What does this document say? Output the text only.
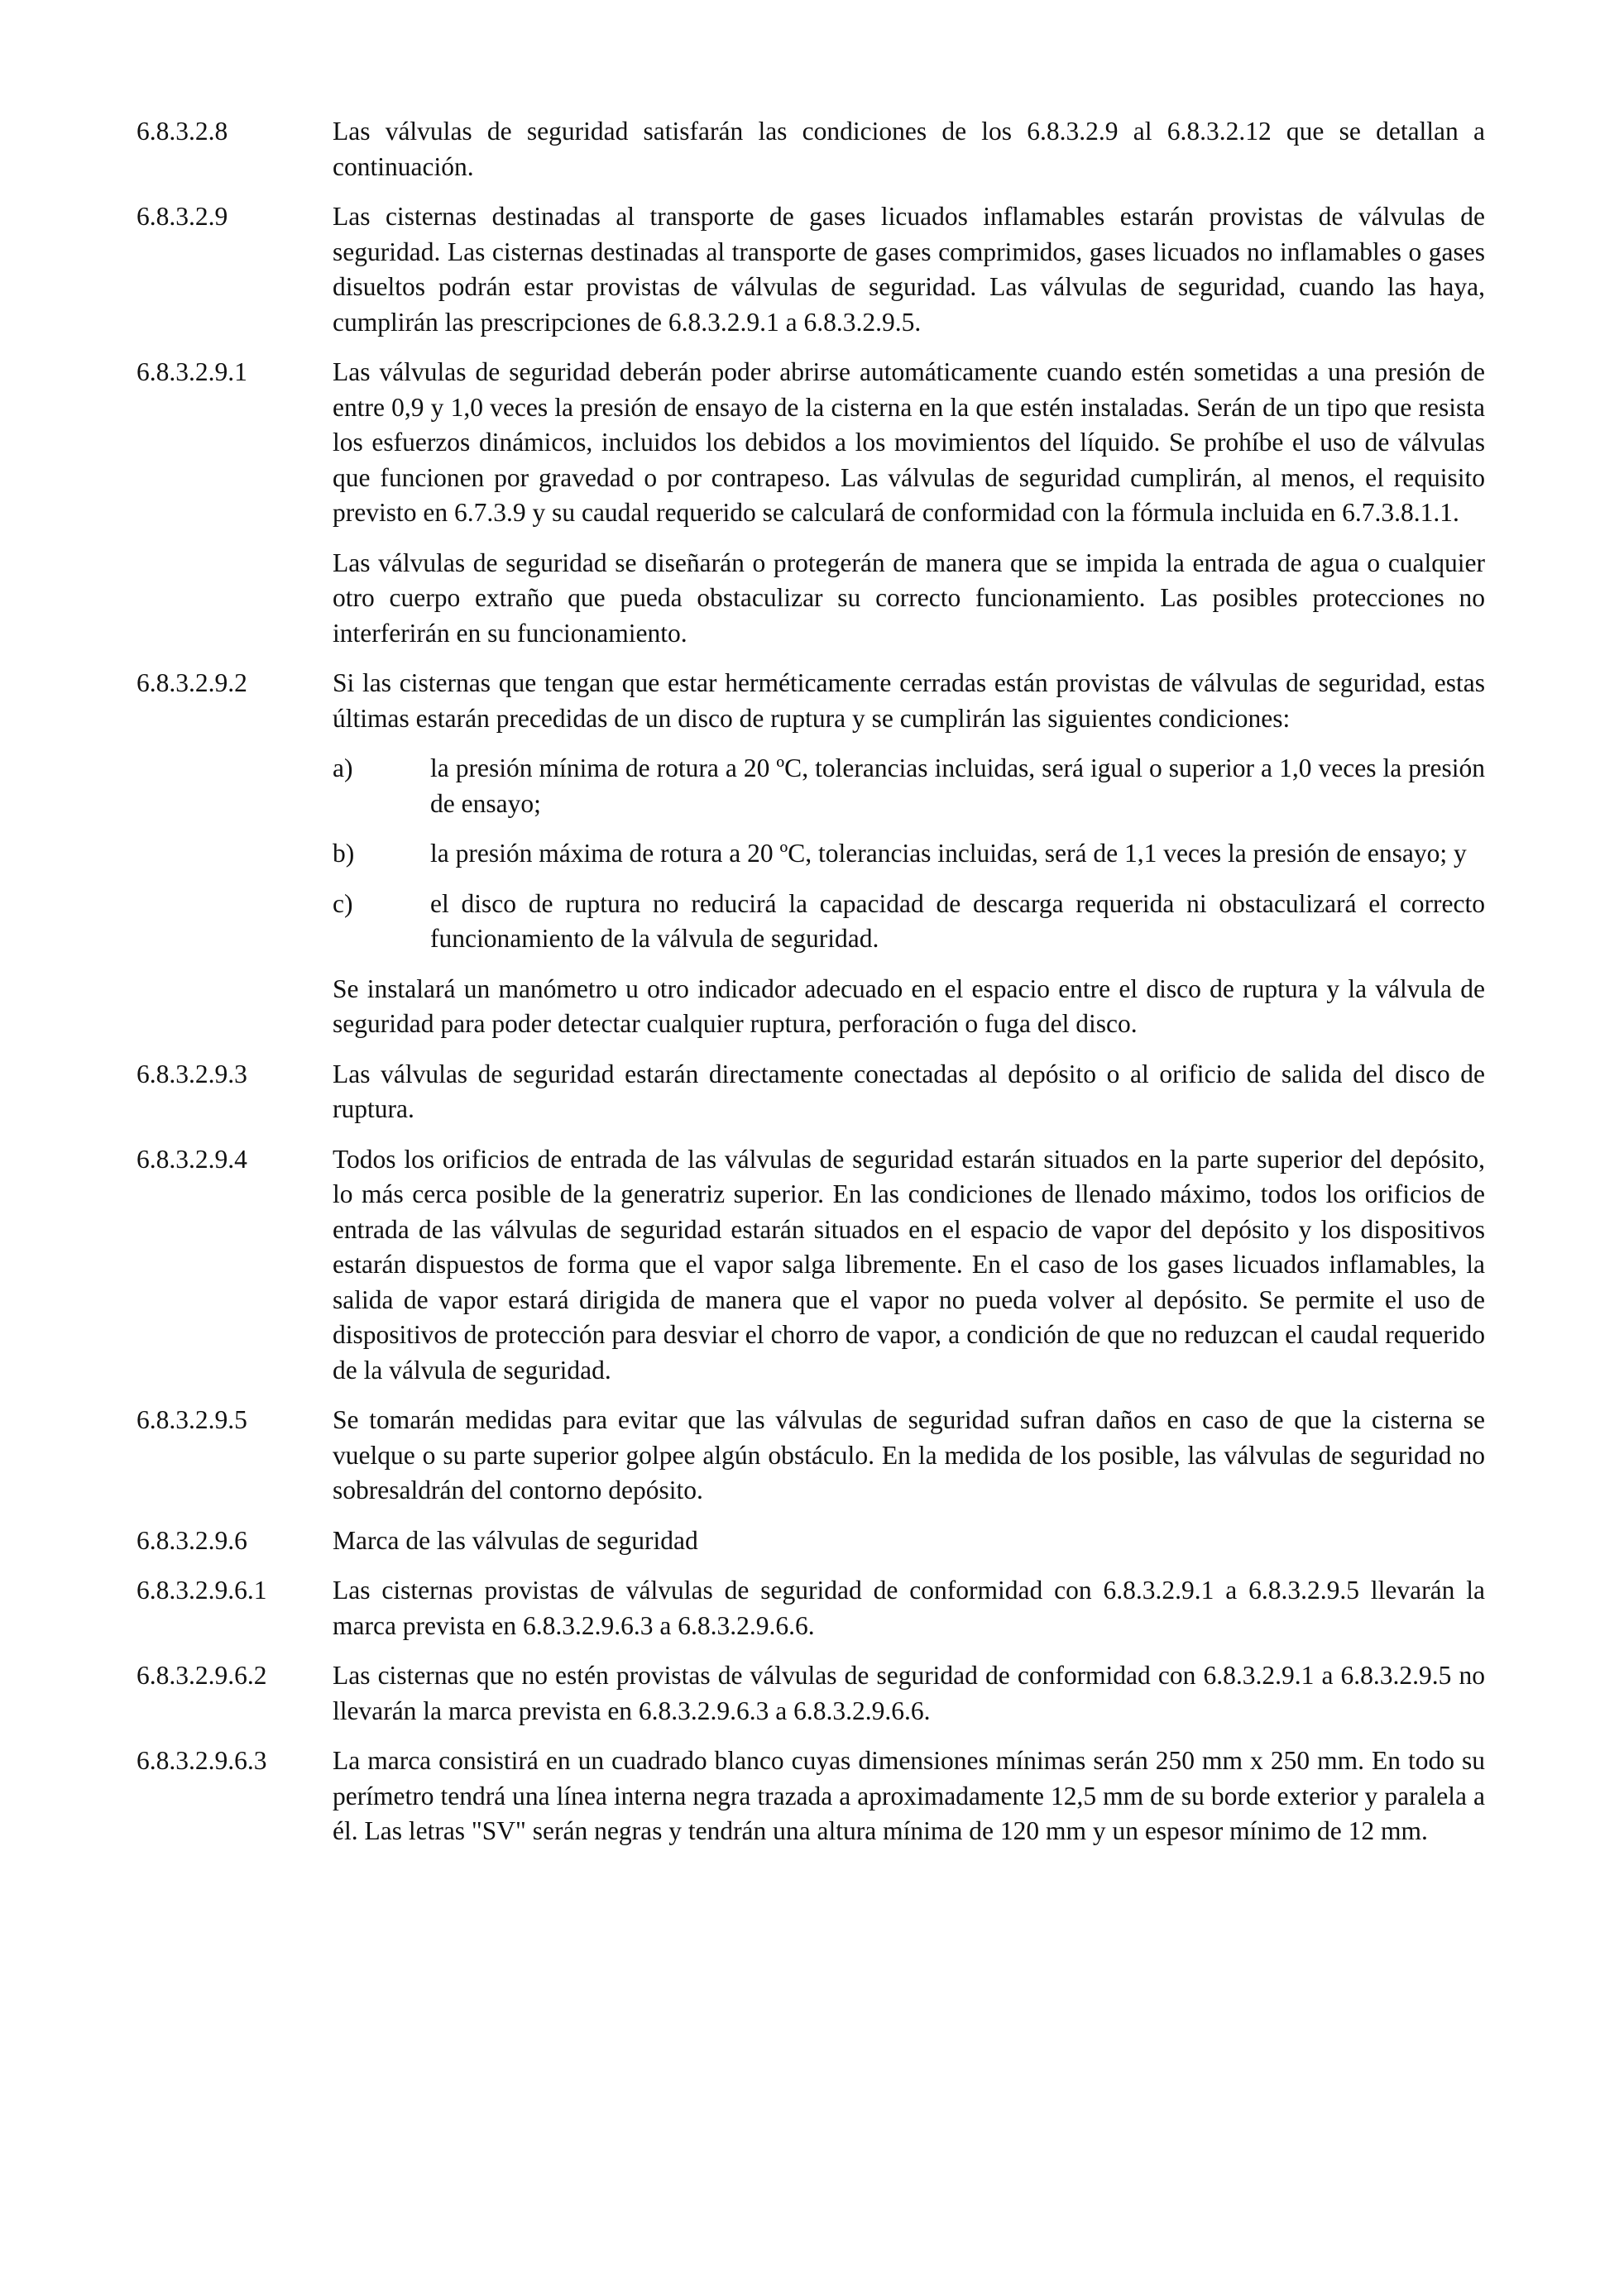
6.8.3.2.8	Las válvulas de seguridad satisfarán las condiciones de los 6.8.3.2.9 al 6.8.3.2.12 que se detallan a continuación.

6.8.3.2.9	Las cisternas destinadas al transporte de gases licuados inflamables estarán provistas de válvulas de seguridad. Las cisternas destinadas al transporte de gases comprimidos, gases licuados no inflamables o gases disueltos podrán estar provistas de válvulas de seguridad. Las válvulas de seguridad, cuando las haya, cumplirán las prescripciones de 6.8.3.2.9.1 a 6.8.3.2.9.5.

6.8.3.2.9.1	Las válvulas de seguridad deberán poder abrirse automáticamente cuando estén sometidas a una presión de entre 0,9 y 1,0 veces la presión de ensayo de la cisterna en la que estén instaladas. Serán de un tipo que resista los esfuerzos dinámicos, incluidos los debidos a los movimientos del líquido. Se prohíbe el uso de válvulas que funcionen por gravedad o por contrapeso. Las válvulas de seguridad cumplirán, al menos, el requisito previsto en 6.7.3.9 y su caudal requerido se calculará de conformidad con la fórmula incluida en 6.7.3.8.1.1.

Las válvulas de seguridad se diseñarán o protegerán de manera que se impida la entrada de agua o cualquier otro cuerpo extraño que pueda obstaculizar su correcto funcionamiento. Las posibles protecciones no interferirán en su funcionamiento.

6.8.3.2.9.2	Si las cisternas que tengan que estar herméticamente cerradas están provistas de válvulas de seguridad, estas últimas estarán precedidas de un disco de ruptura y se cumplirán las siguientes condiciones:

a)	la presión mínima de rotura a 20 ºC, tolerancias incluidas, será igual o superior a 1,0 veces la presión de ensayo;
b)	la presión máxima de rotura a 20 ºC, tolerancias incluidas, será de 1,1 veces la presión de ensayo; y
c)	el disco de ruptura no reducirá la capacidad de descarga requerida ni obstaculizará el correcto funcionamiento de la válvula de seguridad.

Se instalará un manómetro u otro indicador adecuado en el espacio entre el disco de ruptura y la válvula de seguridad para poder detectar cualquier ruptura, perforación o fuga del disco.

6.8.3.2.9.3	Las válvulas de seguridad estarán directamente conectadas al depósito o al orificio de salida del disco de ruptura.

6.8.3.2.9.4	Todos los orificios de entrada de las válvulas de seguridad estarán situados en la parte superior del depósito, lo más cerca posible de la generatriz superior. En las condiciones de llenado máximo, todos los orificios de entrada de las válvulas de seguridad estarán situados en el espacio de vapor del depósito y los dispositivos estarán dispuestos de forma que el vapor salga libremente. En el caso de los gases licuados inflamables, la salida de vapor estará dirigida de manera que el vapor no pueda volver al depósito. Se permite el uso de dispositivos de protección para desviar el chorro de vapor, a condición de que no reduzcan el caudal requerido de la válvula de seguridad.

6.8.3.2.9.5	Se tomarán medidas para evitar que las válvulas de seguridad sufran daños en caso de que la cisterna se vuelque o su parte superior golpee algún obstáculo. En la medida de los posible, las válvulas de seguridad no sobresaldrán del contorno depósito.

6.8.3.2.9.6	Marca de las válvulas de seguridad

6.8.3.2.9.6.1	Las cisternas provistas de válvulas de seguridad de conformidad con 6.8.3.2.9.1 a 6.8.3.2.9.5 llevarán la marca prevista en 6.8.3.2.9.6.3 a 6.8.3.2.9.6.6.

6.8.3.2.9.6.2	Las cisternas que no estén provistas de válvulas de seguridad de conformidad con 6.8.3.2.9.1 a 6.8.3.2.9.5 no llevarán la marca prevista en 6.8.3.2.9.6.3 a 6.8.3.2.9.6.6.

6.8.3.2.9.6.3	La marca consistirá en un cuadrado blanco cuyas dimensiones mínimas serán 250 mm x 250 mm. En todo su perímetro tendrá una línea interna negra trazada a aproximadamente 12,5 mm de su borde exterior y paralela a él. Las letras "SV" serán negras y tendrán una altura mínima de 120 mm y un espesor mínimo de 12 mm.
